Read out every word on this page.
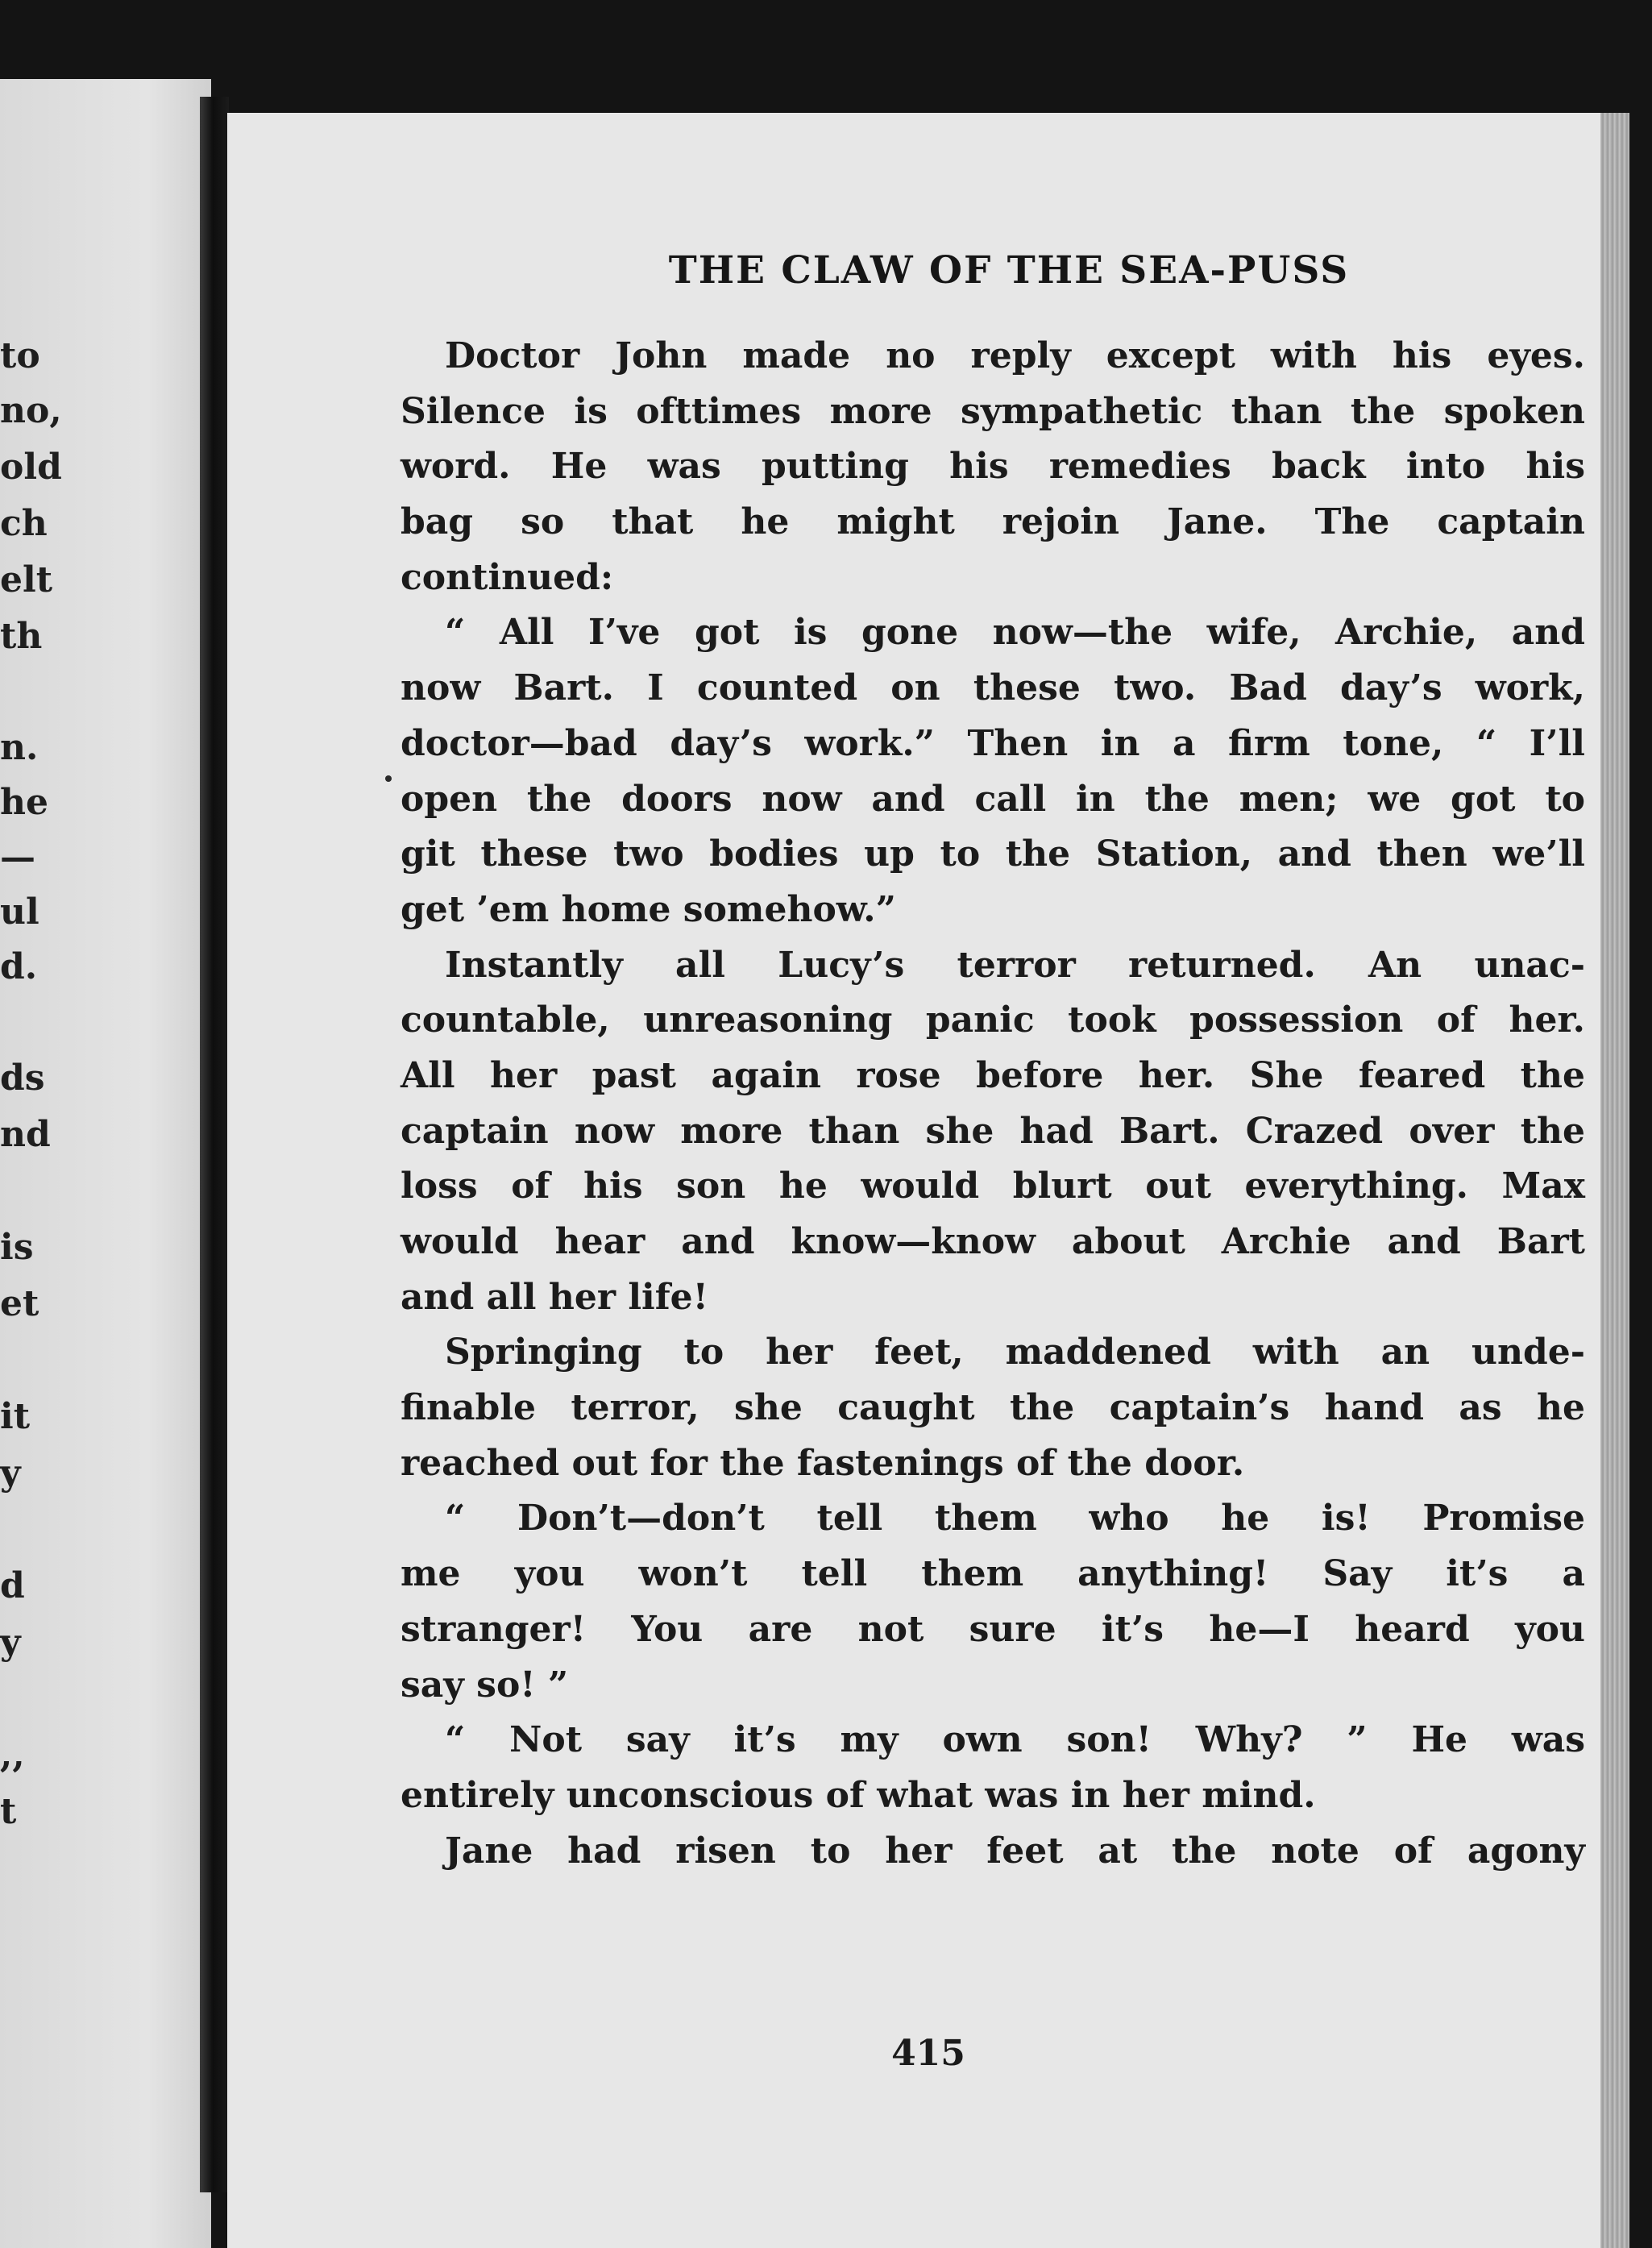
to
no,
old
ch
elt
th
n.
he
—
ul
d.
ds
nd
is
et
it
y
d
y
,,
t
THE CLAW OF THE SEA-PUSS
Doctor John made no reply except with his eyes.
Silence is ofttimes more sympathetic than the spoken
word. He was putting his remedies back into his
bag so that he might rejoin Jane. The captain
continued:
“ All I’ve got is gone now—the wife, Archie, and
now Bart. I counted on these two. Bad day’s work,
doctor—bad day’s work.” Then in a firm tone, “ I’ll
open the doors now and call in the men; we got to
git these two bodies up to the Station, and then we’ll
get ’em home somehow.”
Instantly all Lucy’s terror returned. An unac-
countable, unreasoning panic took possession of her.
All her past again rose before her. She feared the
captain now more than she had Bart. Crazed over the
loss of his son he would blurt out everything. Max
would hear and know—know about Archie and Bart
and all her life!
Springing to her feet, maddened with an unde-
finable terror, she caught the captain’s hand as he
reached out for the fastenings of the door.
“ Don’t—don’t tell them who he is! Promise
me you won’t tell them anything! Say it’s a
stranger! You are not sure it’s he—I heard you
say so! ”
“ Not say it’s my own son! Why? ” He was
entirely unconscious of what was in her mind.
Jane had risen to her feet at the note of agony
415
